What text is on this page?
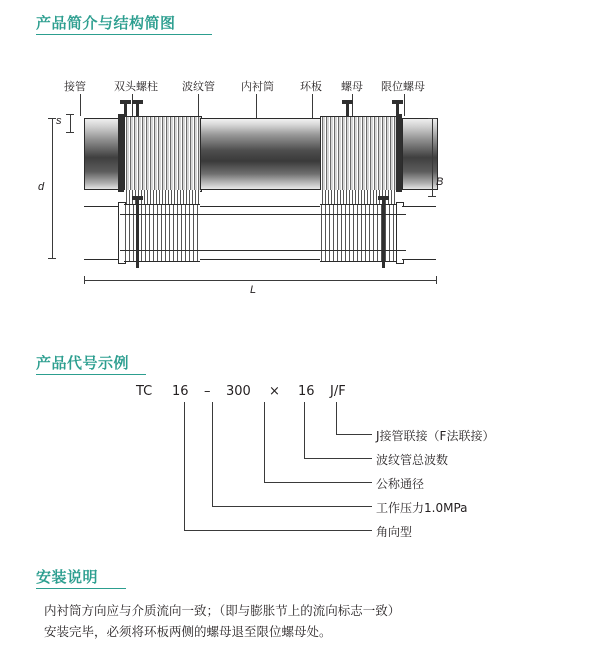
产品简介与结构简图
接管	双头螺柱 波纹管 内衬筒 环板 螺母 限位螺母
s
d	B
L
产品代号示例
TC 16 – 300 × 16 J/F
J接管联接（F法联接）
波纹管总波数
公称通径
工作压力1.0MPa
角向型
安装说明
内衬筒方向应与介质流向一致；（即与膨胀节上的流向标志一致）
安装完毕，必须将环板两侧的螺母退至限位螺母处。
